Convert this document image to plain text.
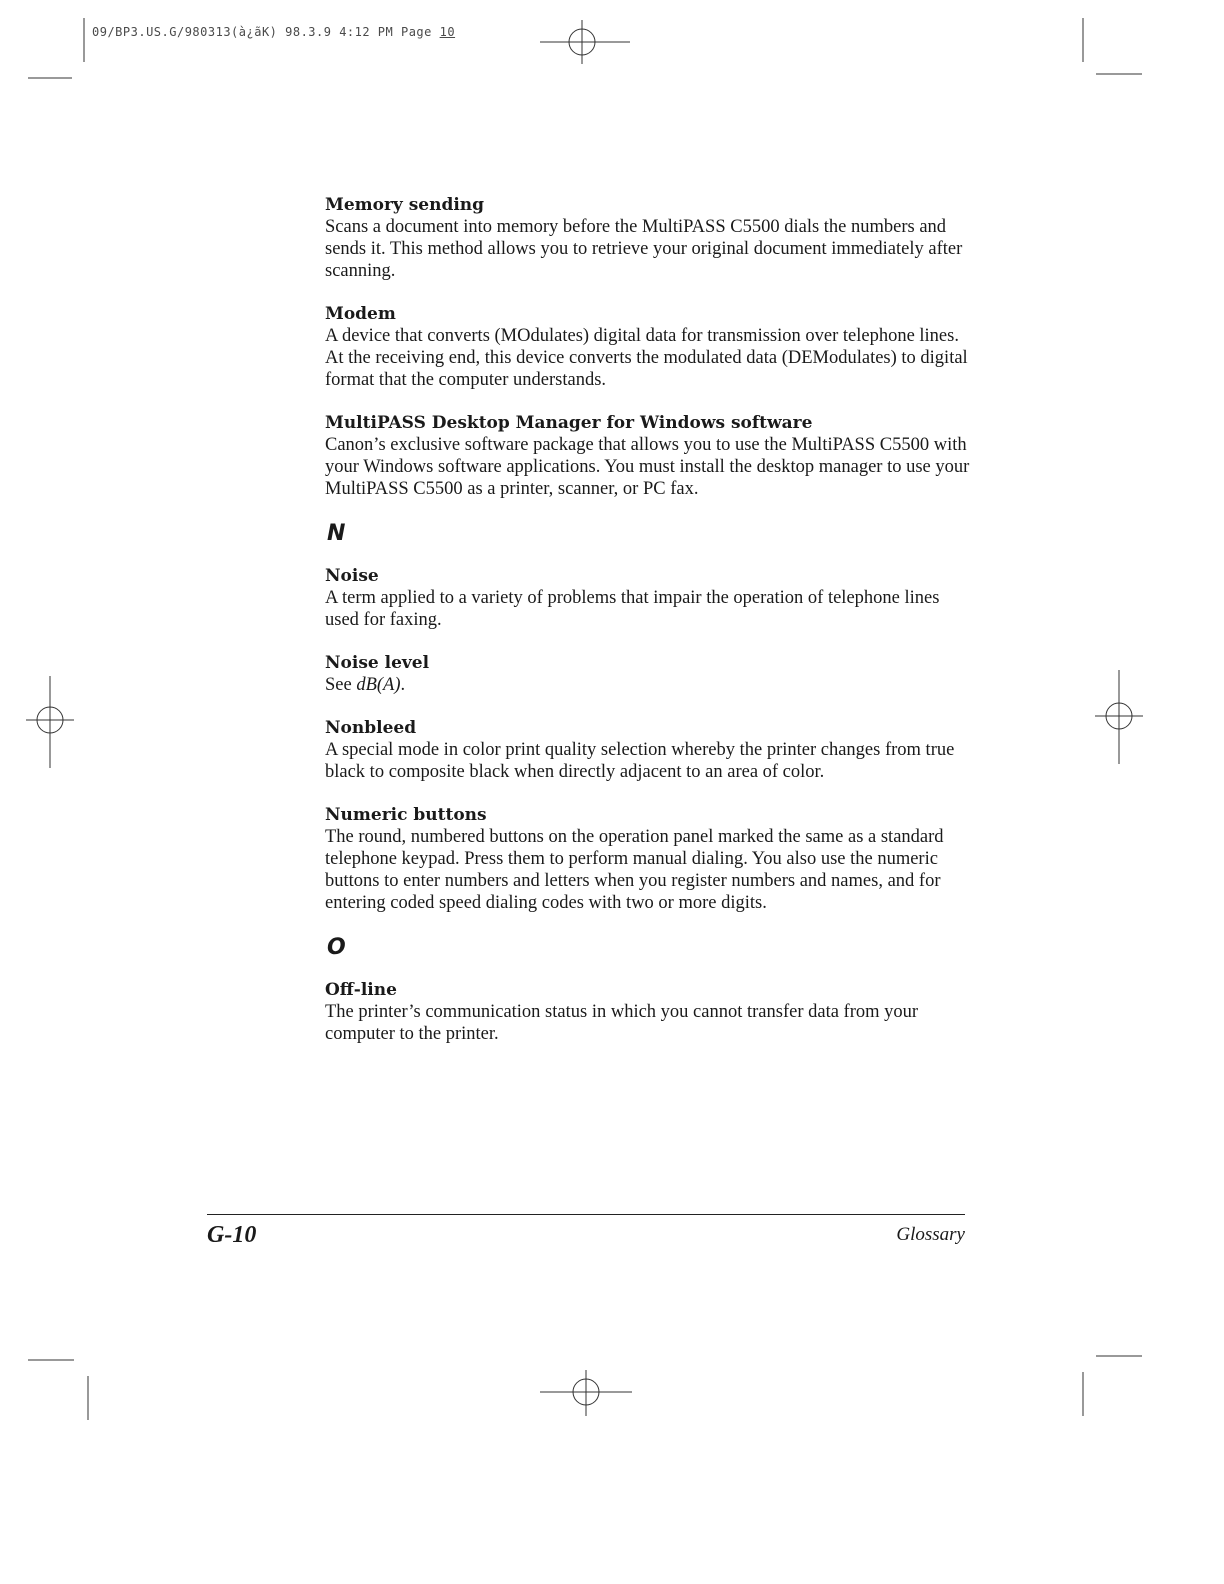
09/BP3.US.G/980313(à¿ãK) 98.3.9 4:12 PM Page 10

Memory sending

Scans a document into memory before the MultiPASS C5500 dials the numbers and sends it. This method allows you to retrieve your original document immediately after scanning.

Modem

A device that converts (MOdulates) digital data for transmission over telephone lines. At the receiving end, this device converts the modulated data (DEModulates) to digital format that the computer understands.

MultiPASS Desktop Manager for Windows software

Canon’s exclusive software package that allows you to use the MultiPASS C5500 with your Windows software applications. You must install the desktop manager to use your MultiPASS C5500 as a printer, scanner, or PC fax.

N

Noise

A term applied to a variety of problems that impair the operation of telephone lines used for faxing.

Noise level

See dB(A).

Nonbleed

A special mode in color print quality selection whereby the printer changes from true black to composite black when directly adjacent to an area of color.

Numeric buttons

The round, numbered buttons on the operation panel marked the same as a standard telephone keypad. Press them to perform manual dialing. You also use the numeric buttons to enter numbers and letters when you register numbers and names, and for entering coded speed dialing codes with two or more digits.

O

Off-line

The printer’s communication status in which you cannot transfer data from your computer to the printer.

G-10	Glossary
